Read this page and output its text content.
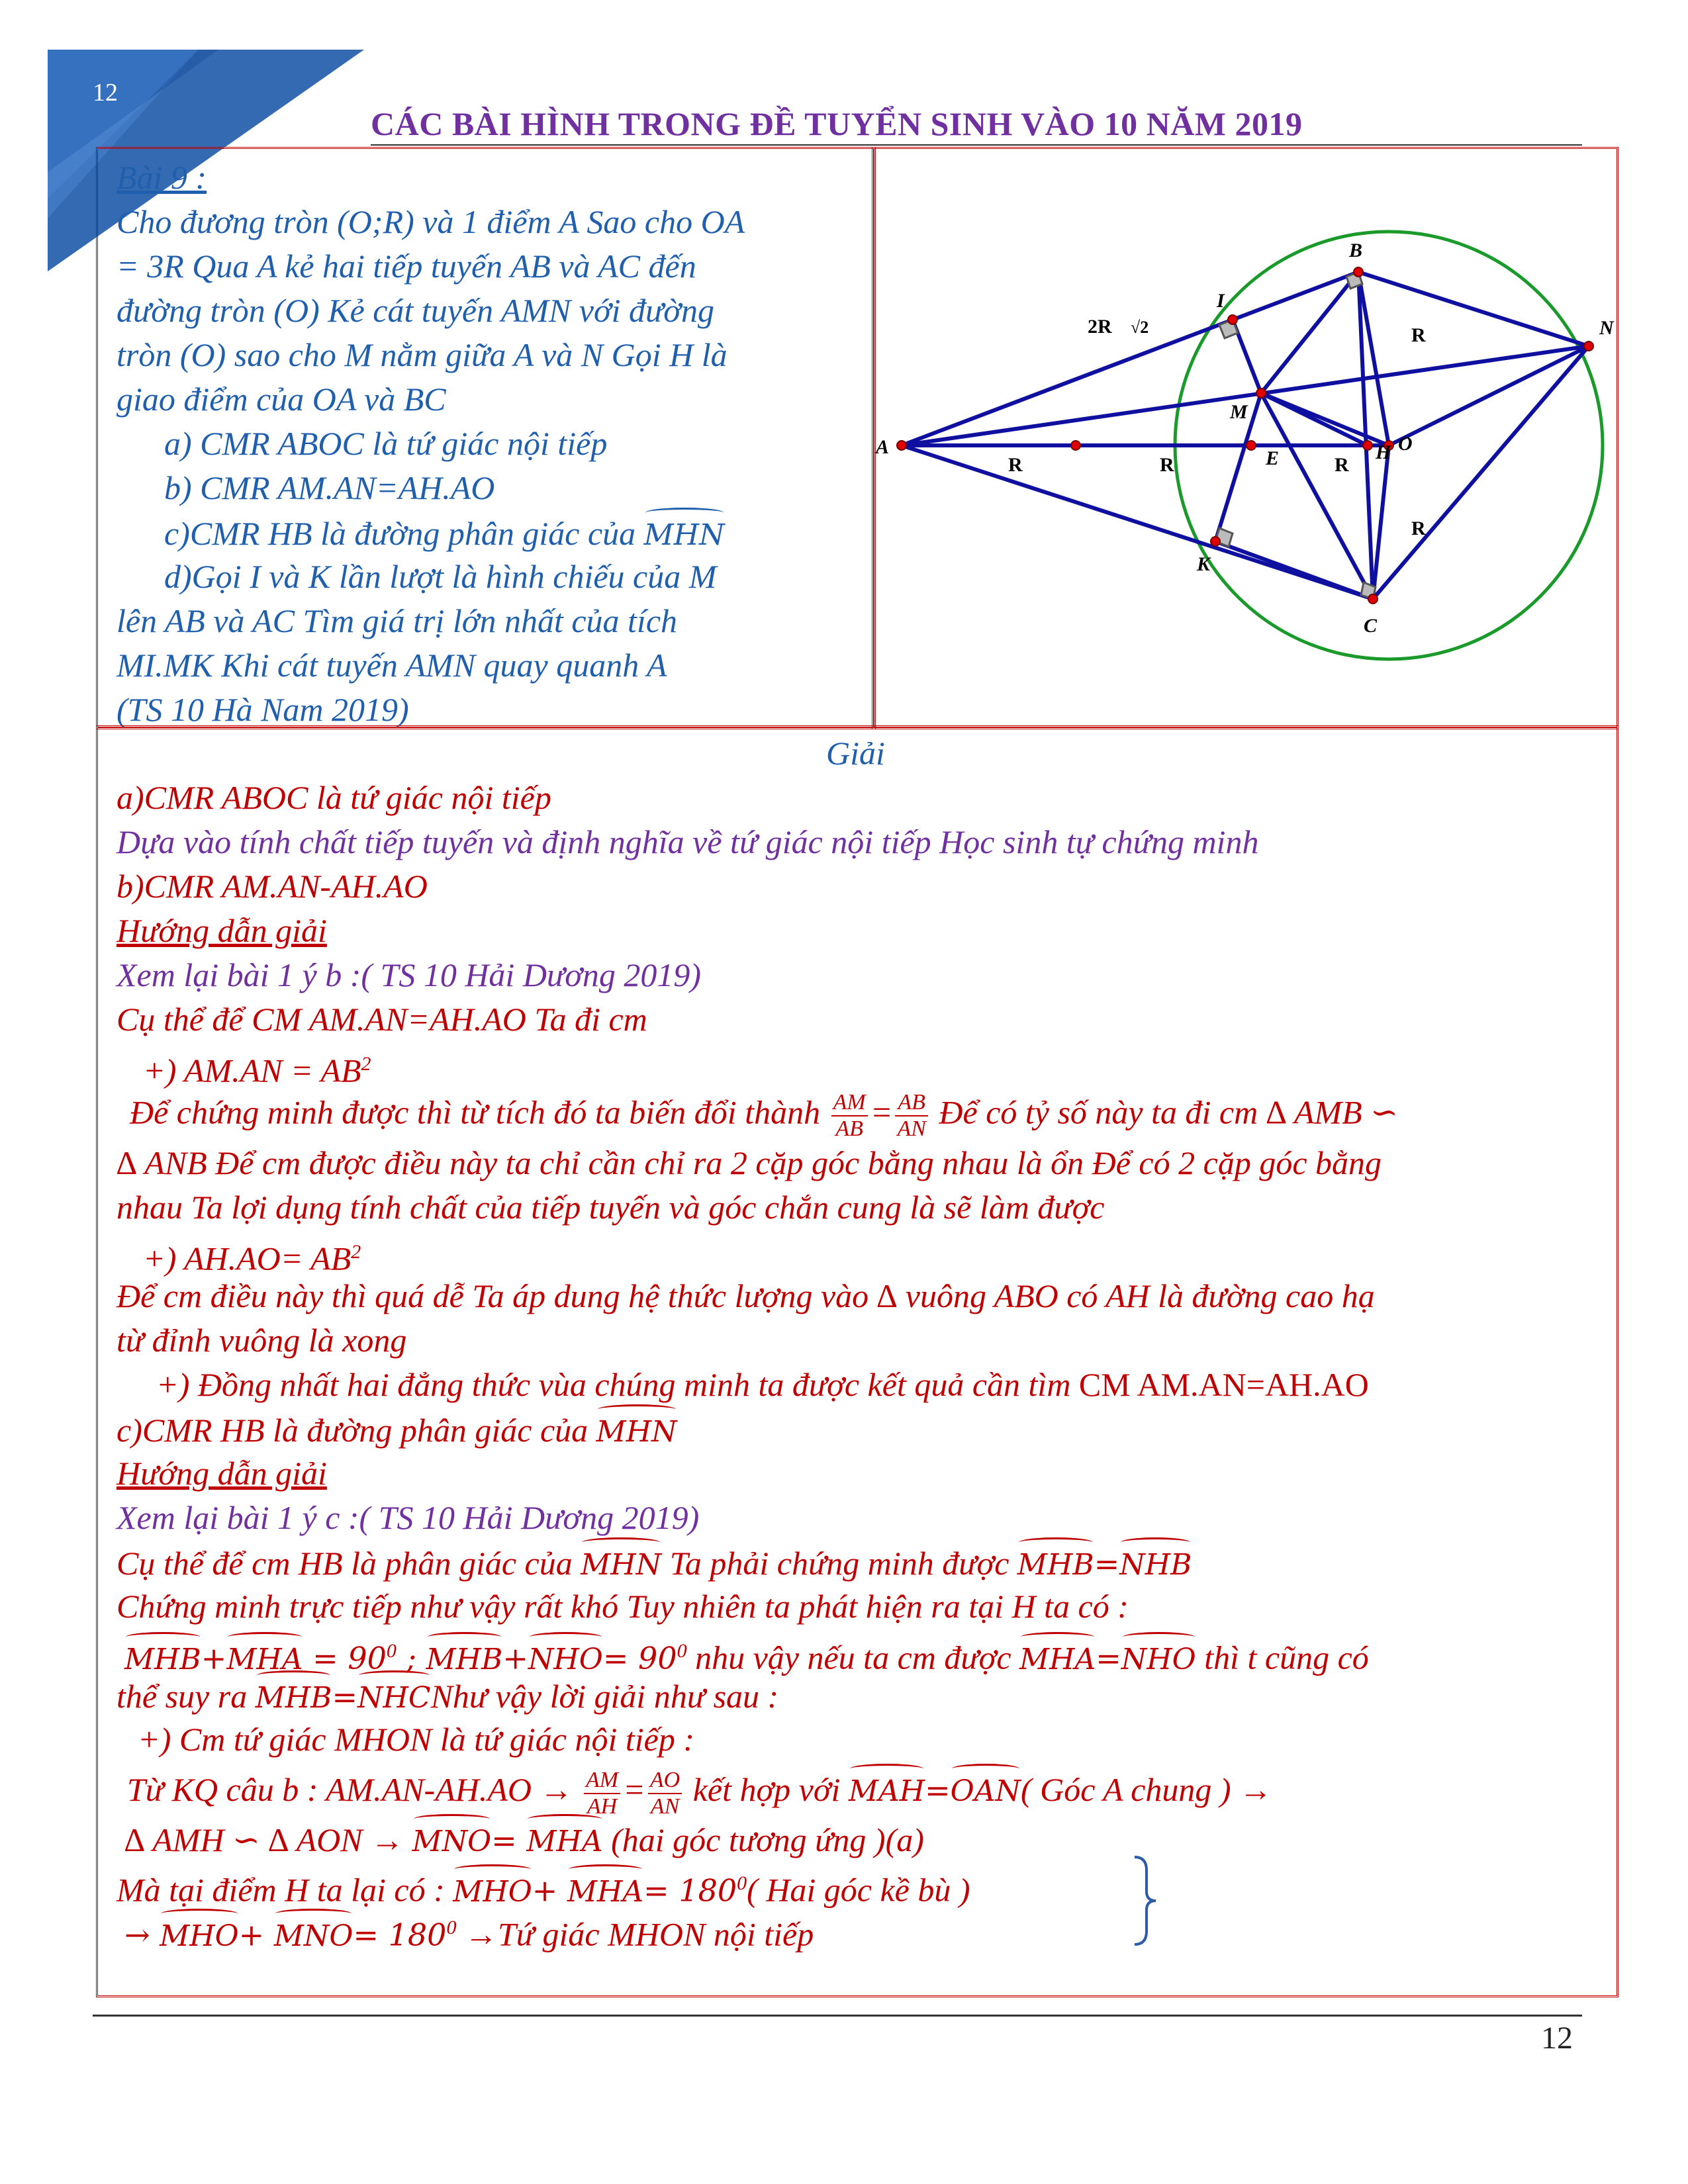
12
CÁC BÀI HÌNH TRONG ĐỀ TUYỂN SINH VÀO 10 NĂM 2019
Bài 9 :
Cho đương tròn (O;R) và 1 điểm A Sao cho OA
= 3R Qua A kẻ hai tiếp tuyến AB và AC đến
đường tròn (O) Kẻ cát tuyến AMN với đường
tròn (O) sao cho M nằm giữa A và N Gọi H là
giao điểm của OA và BC
a) CMR ABOC là tứ giác nội tiếp
b) CMR AM.AN=AH.AO
c)CMR HB là đường phân giác của MHN
d)Gọi I và K lần lượt là hình chiếu của M
lên AB và AC Tìm giá trị lớn nhất của tích
MI.MK Khi cát tuyến AMN quay quanh A
(TS 10 Hà Nam 2019)
A
B
C
N
M
I
K
E	H O
2R √2
R	R	R
R
R
Giải
a)CMR ABOC là tứ giác nội tiếp
Dựa vào tính chất tiếp tuyến và định nghĩa về tứ giác nội tiếp Học sinh tự chứng minh
b)CMR AM.AN-AH.AO
Hướng dẫn giải
Xem lại bài 1 ý b :( TS 10 Hải Dương 2019)
Cụ thể để CM AM.AN=AH.AO Ta đi cm
+) $AM.AN = AB^2$
Để chứng minh được thì từ tích đó ta biến đổi thành $\frac{AM}{AB} = \frac{AB}{AN}$ Để có tỷ số này ta đi cm ∆ AMB ∽
∆ ANB Để cm được điều này ta chỉ cần chỉ ra 2 cặp góc bằng nhau là ổn Để có 2 cặp góc bằng
nhau Ta lợi dụng tính chất của tiếp tuyến và góc chắn cung là sẽ làm được
+) $AH.AO= AB^2$
Để cm điều này thì quá dễ Ta áp dung hệ thức lượng vào ∆ vuông ABO có AH là đường cao hạ
từ đỉnh vuông là xong
+) Đồng nhất hai đẳng thức vùa chúng minh ta được kết quả cần tìm CM AM.AN=AH.AO
c)CMR HB là đường phân giác của MHN
Hướng dẫn giải
Xem lại bài 1 ý c :( TS 10 Hải Dương 2019)
Cụ thể để cm HB là phân giác của MHN Ta phải chứng minh được MHB=NHB
Chứng minh trực tiếp như vậy rất khó Tuy nhiên ta phát hiện ra tại H ta có :
$MHB+MHA = 90^0$ ; $MHB+NHO= 90^0$ nhu vậy nếu ta cm được MHA=NHO thì t cũng có
thể suy ra MHB=NHCNhư vậy lời giải như sau :
+) Cm tứ giác MHON là tứ giác nội tiếp :
Từ KQ câu b : $AM.AN-AH.AO \to \frac{AM}{AH} = \frac{AO}{AN}$ kết hợp với MAH=OAN( Góc A chung ) →
∆ AMH ∽ ∆ AON → MNO= MHA (hai góc tương ứng )(a)
Mà tại điểm H ta lại có : $MHO+ MHA= 180^0$( Hai góc kề bù )
→ $MHO+ MNO= 180^0$ →Tứ giác MHON nội tiếp
12
